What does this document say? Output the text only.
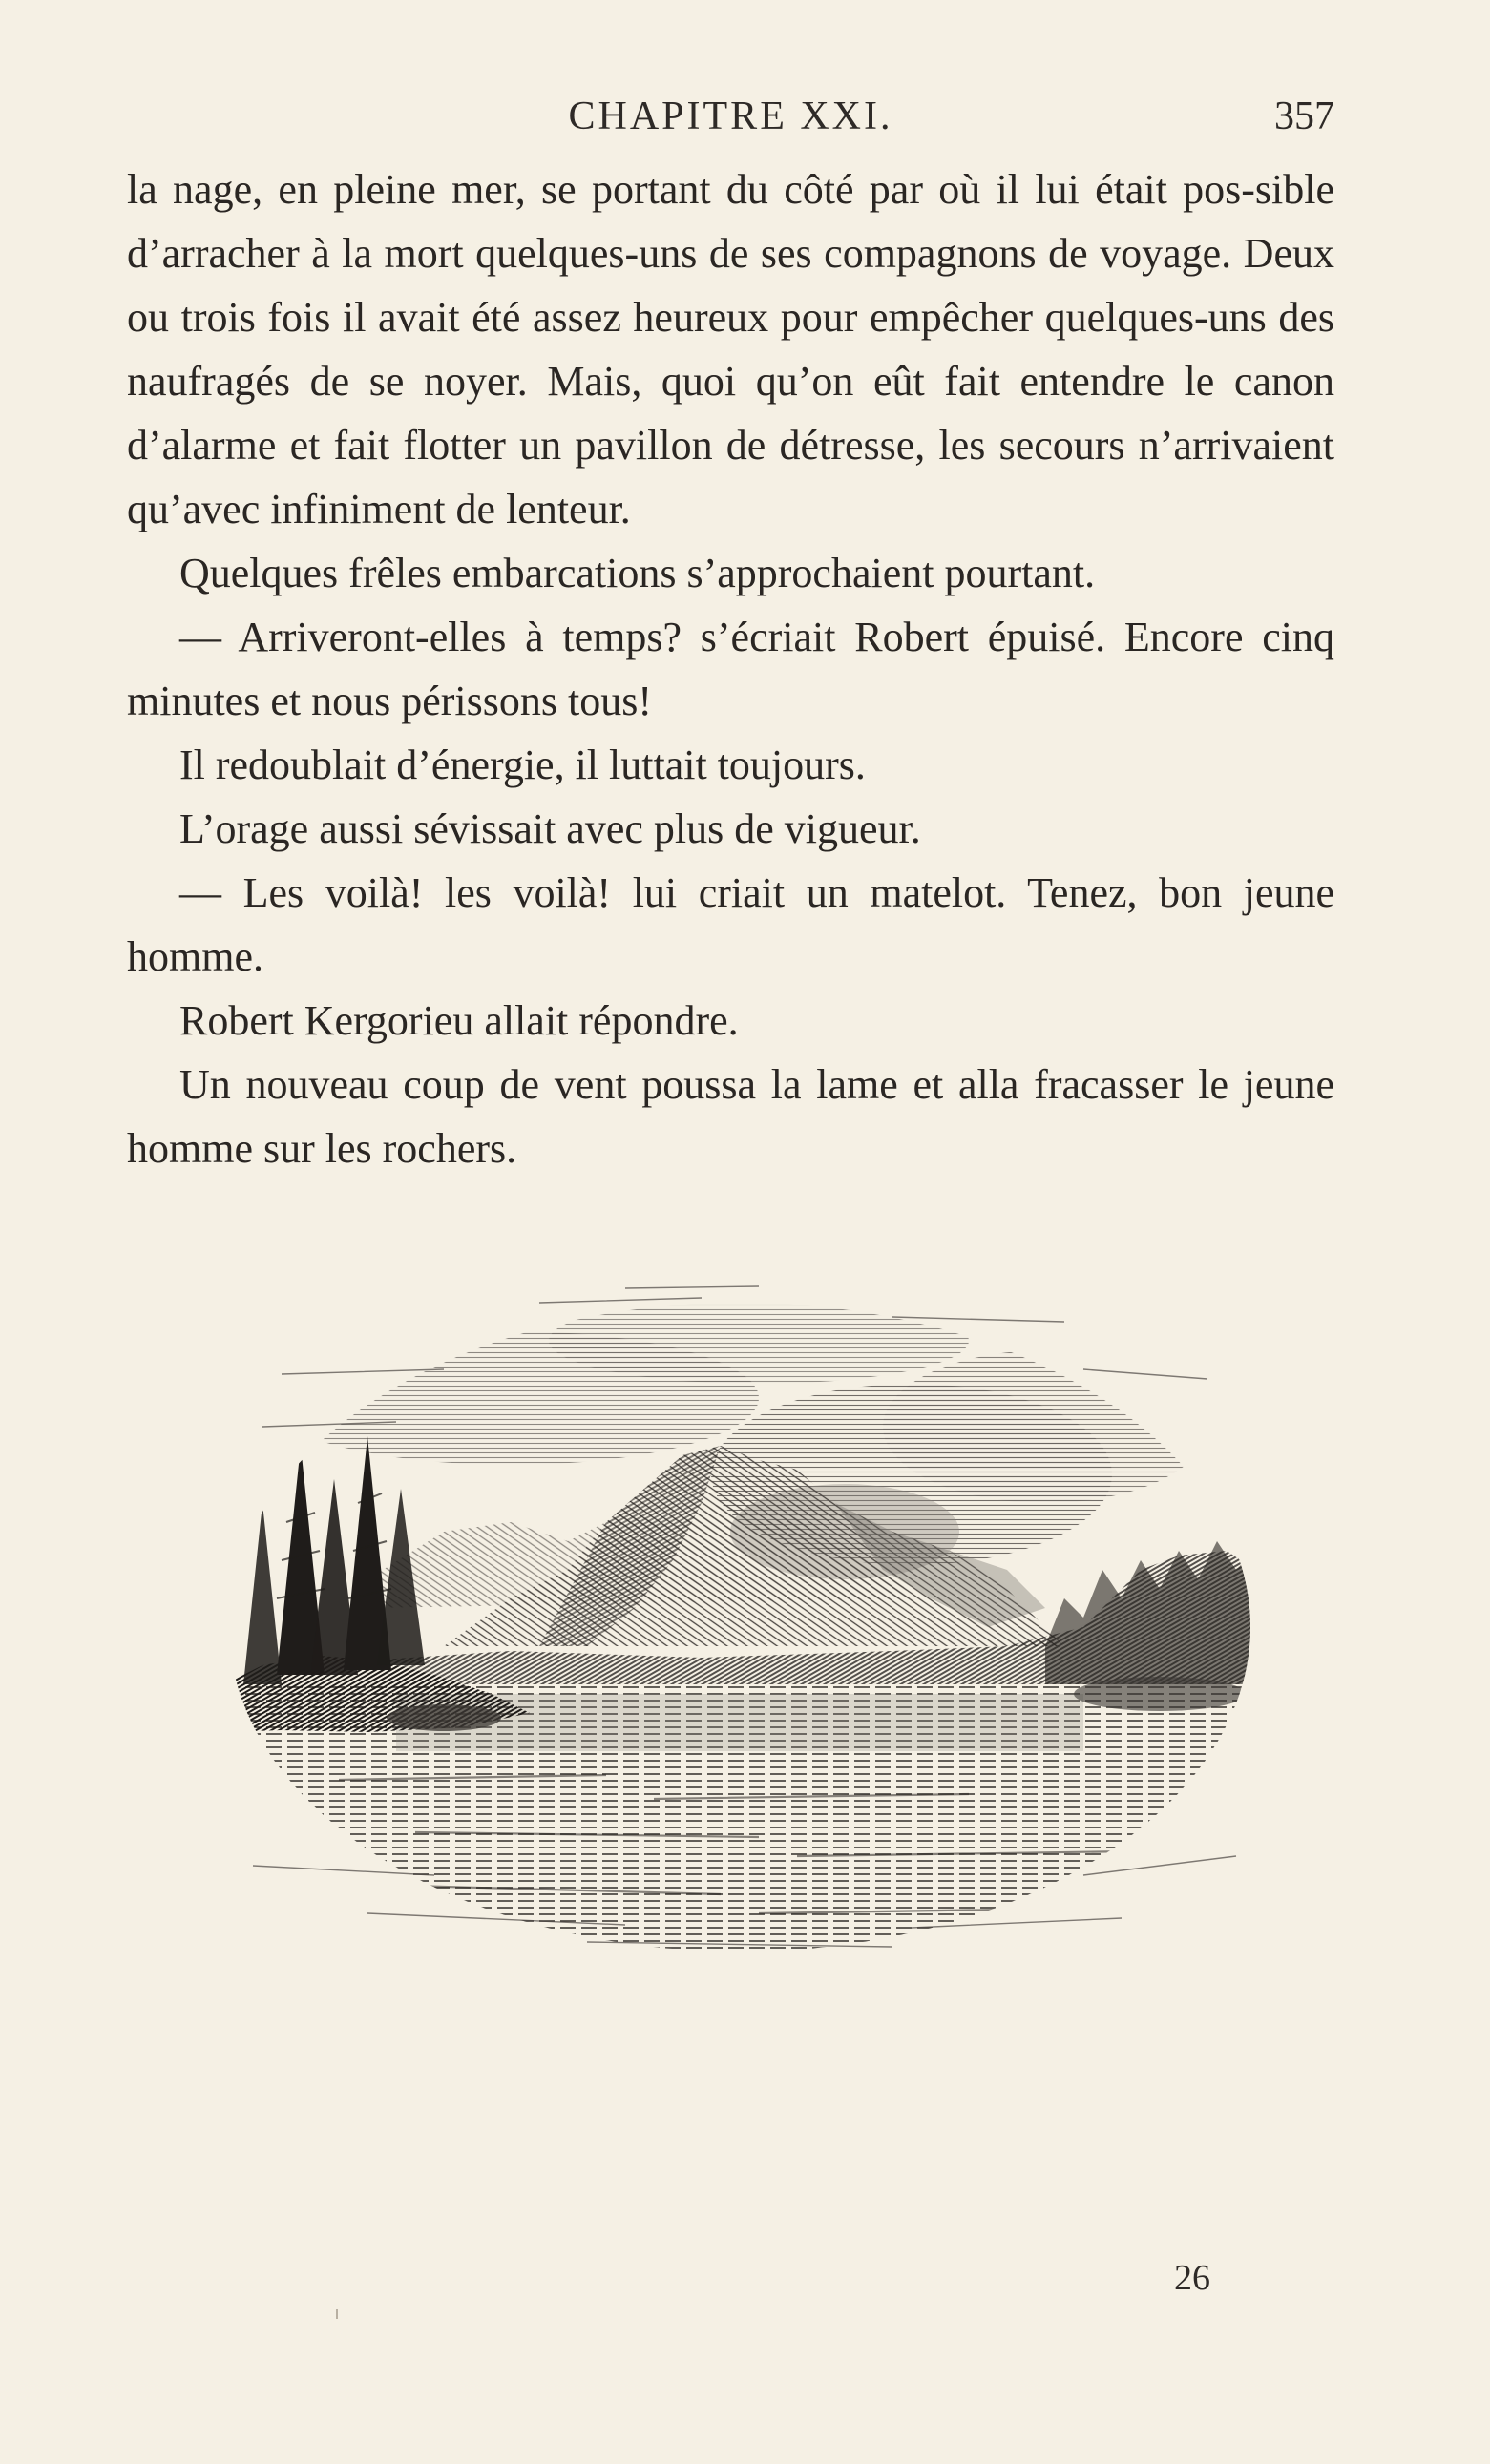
CHAPITRE XXI.	357

la nage, en pleine mer, se portant du côté par où il lui était pos-sible d’arracher à la mort quelques-uns de ses compagnons de voyage. Deux ou trois fois il avait été assez heureux pour empêcher quelques-uns des naufragés de se noyer. Mais, quoi qu’on eût fait entendre le canon d’alarme et fait flotter un pavillon de détresse, les secours n’arrivaient qu’avec infiniment de lenteur.

Quelques frêles embarcations s’approchaient pourtant.

— Arriveront-elles à temps? s’écriait Robert épuisé. Encore cinq minutes et nous périssons tous!

Il redoublait d’énergie, il luttait toujours.

L’orage aussi sévissait avec plus de vigueur.

— Les voilà! les voilà! lui criait un matelot. Tenez, bon jeune homme.

Robert Kergorieu allait répondre.

Un nouveau coup de vent poussa la lame et alla fracasser le jeune homme sur les rochers.

26
